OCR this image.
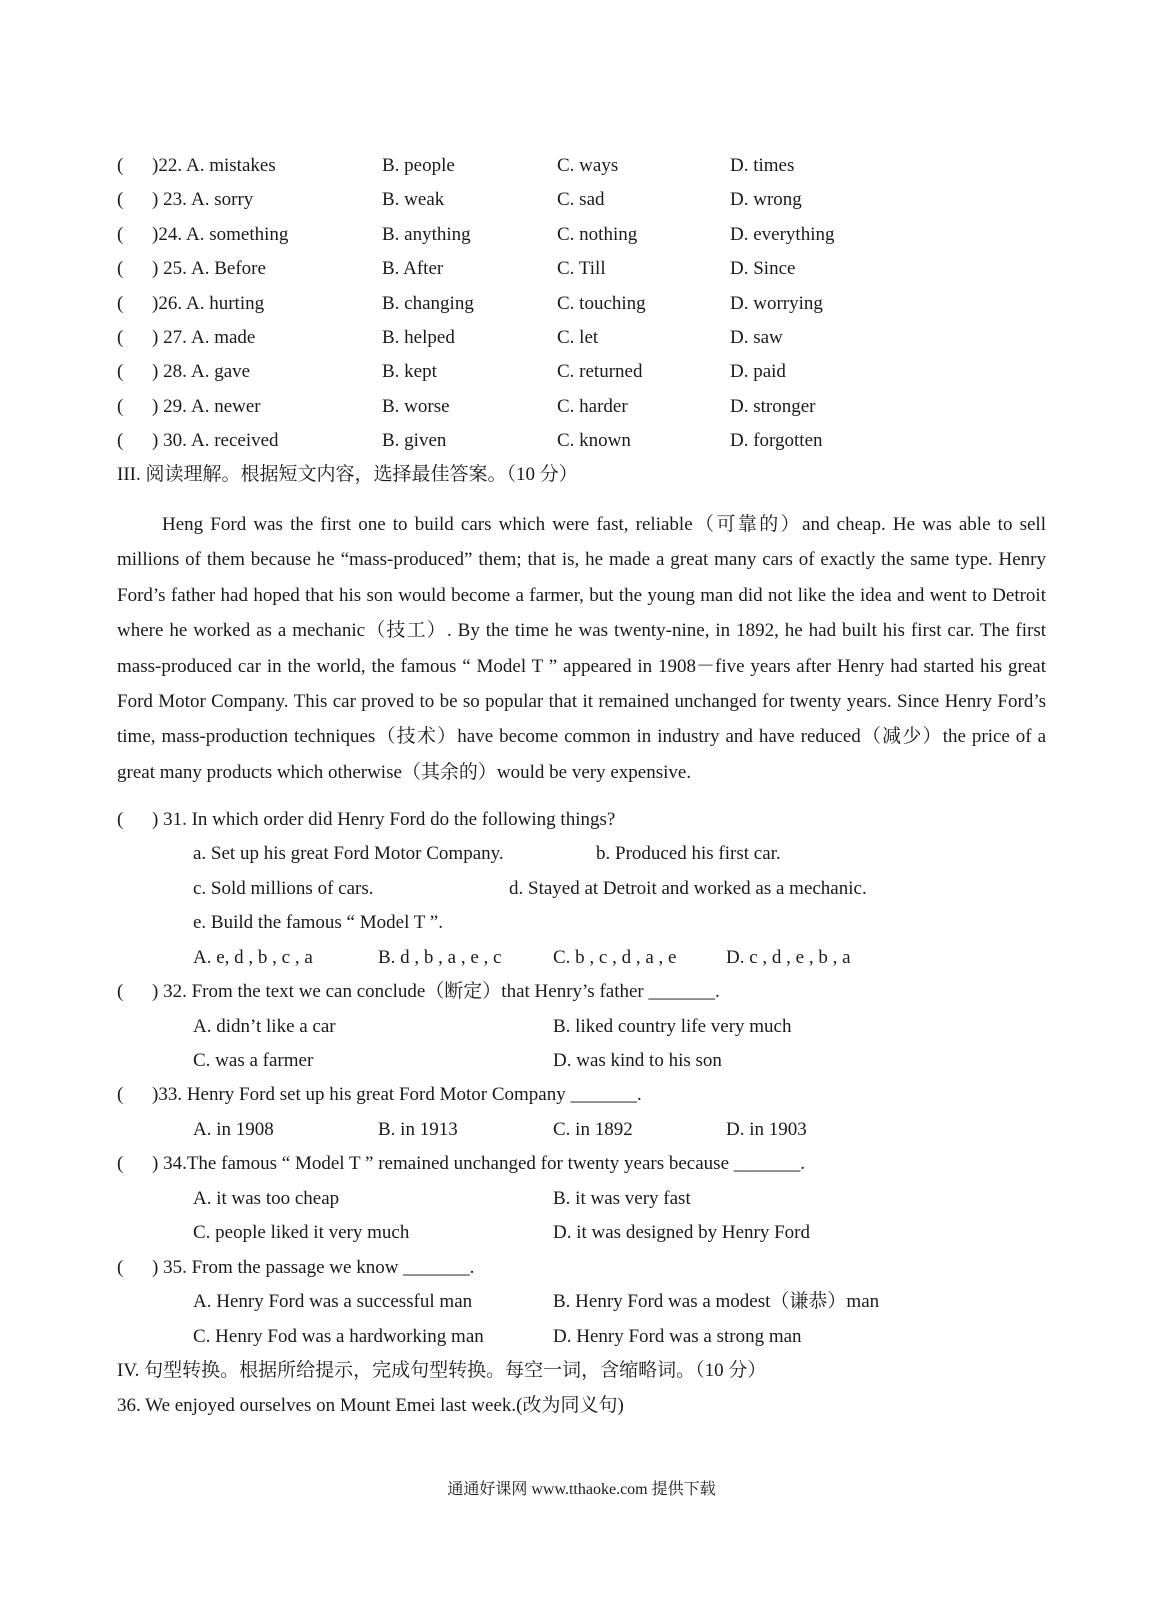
( )22. A. mistakes	B. people	C. ways	D. times
( ) 23. A. sorry	B. weak	C. sad	D. wrong
( )24. A. something	B. anything	C. nothing	D. everything
( ) 25. A. Before	B. After	C. Till	D. Since
( )26. A. hurting	B. changing	C. touching	D. worrying
( ) 27. A. made	B. helped	C. let	D. saw
( ) 28. A. gave	B. kept	C. returned	D. paid
( ) 29. A. newer	B. worse	C. harder	D. stronger
( ) 30. A. received	B. given	C. known	D. forgotten
III. 阅读理解。根据短文内容，选择最佳答案。（10 分）
Heng Ford was the first one to build cars which were fast, reliable（可靠的）and cheap. He was able to sell millions of them because he “mass-produced” them; that is, he made a great many cars of exactly the same type. Henry Ford’s father had hoped that his son would become a farmer, but the young man did not like the idea and went to Detroit where he worked as a mechanic（技工）. By the time he was twenty-nine, in 1892, he had built his first car. The first mass-produced car in the world, the famous “ Model T ” appeared in 1908－five years after Henry had started his great Ford Motor Company. This car proved to be so popular that it remained unchanged for twenty years. Since Henry Ford’s time, mass-production techniques（技术）have become common in industry and have reduced（减少）the price of a great many products which otherwise（其余的）would be very expensive.
( ) 31. In which order did Henry Ford do the following things?
a. Set up his great Ford Motor Company.	b. Produced his first car.
c. Sold millions of cars.	d. Stayed at Detroit and worked as a mechanic.
e. Build the famous “ Model T ”.
A. e, d , b , c , a	B. d , b , a , e , c	C. b , c , d , a , e	D. c , d , e , b , a
( ) 32. From the text we can conclude（断定）that Henry’s father _______.
A. didn’t like a car	B. liked country life very much
C. was a farmer	D. was kind to his son
( )33. Henry Ford set up his great Ford Motor Company _______.
A. in 1908	B. in 1913	C. in 1892	D. in 1903
( ) 34.The famous “ Model T ” remained unchanged for twenty years because _______.
A. it was too cheap	B. it was very fast
C. people liked it very much	D. it was designed by Henry Ford
( ) 35. From the passage we know _______.
A. Henry Ford was a successful man	B. Henry Ford was a modest（谦恭）man
C. Henry Fod was a hardworking man	D. Henry Ford was a strong man
IV. 句型转换。根据所给提示，完成句型转换。每空一词，含缩略词。（10 分）
36. We enjoyed ourselves on Mount Emei last week.(改为同义句)
通通好课网 www.tthaoke.com 提供下载
